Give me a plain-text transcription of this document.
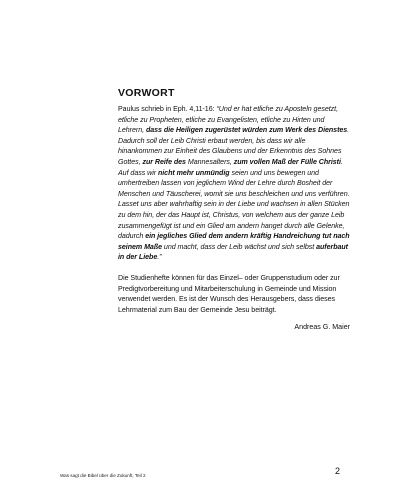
VORWORT

Paulus schrieb in Eph. 4,11-16: “Und er hat etliche zu Aposteln gesetzt, etliche zu Propheten, etliche zu Evangelisten, etliche zu Hirten und Lehrern, dass die Heiligen zugerüstet würden zum Werk des Dienstes. Dadurch soll der Leib Christi erbaut werden, bis dass wir alle hinankommen zur Einheit des Glaubens und der Erkenntnis des Sohnes Gottes, zur Reife des Mannesalters, zum vollen Maß der Fülle Christi. Auf dass wir nicht mehr unmündig seien und uns bewegen und umhertreiben lassen von jeglichem Wind der Lehre durch Bosheit der Menschen und Täuscherei, womit sie uns beschleichen und uns verführen. Lasset uns aber wahrhaftig sein in der Liebe und wachsen in allen Stücken zu dem hin, der das Haupt ist, Christus, von welchem aus der ganze Leib zusammengefügt ist und ein Glied am andern hanget durch alle Gelenke, dadurch ein jegliches Glied dem andern kräftig Handreichung tut nach seinem Maße und macht, dass der Leib wächst und sich selbst auferbaut in der Liebe.”

Die Studienhefte können für das Einzel– oder Gruppenstudium oder zur Predigtvorbereitung und Mitarbeiterschulung in Gemeinde und Mission verwendet werden. Es ist der Wunsch des Herausgebers, dass dieses Lehrmaterial zum Bau der Gemeinde Jesu beiträgt.

Andreas G. Maier
Was sagt die Bibel über die Zukunft, Teil 2	2
